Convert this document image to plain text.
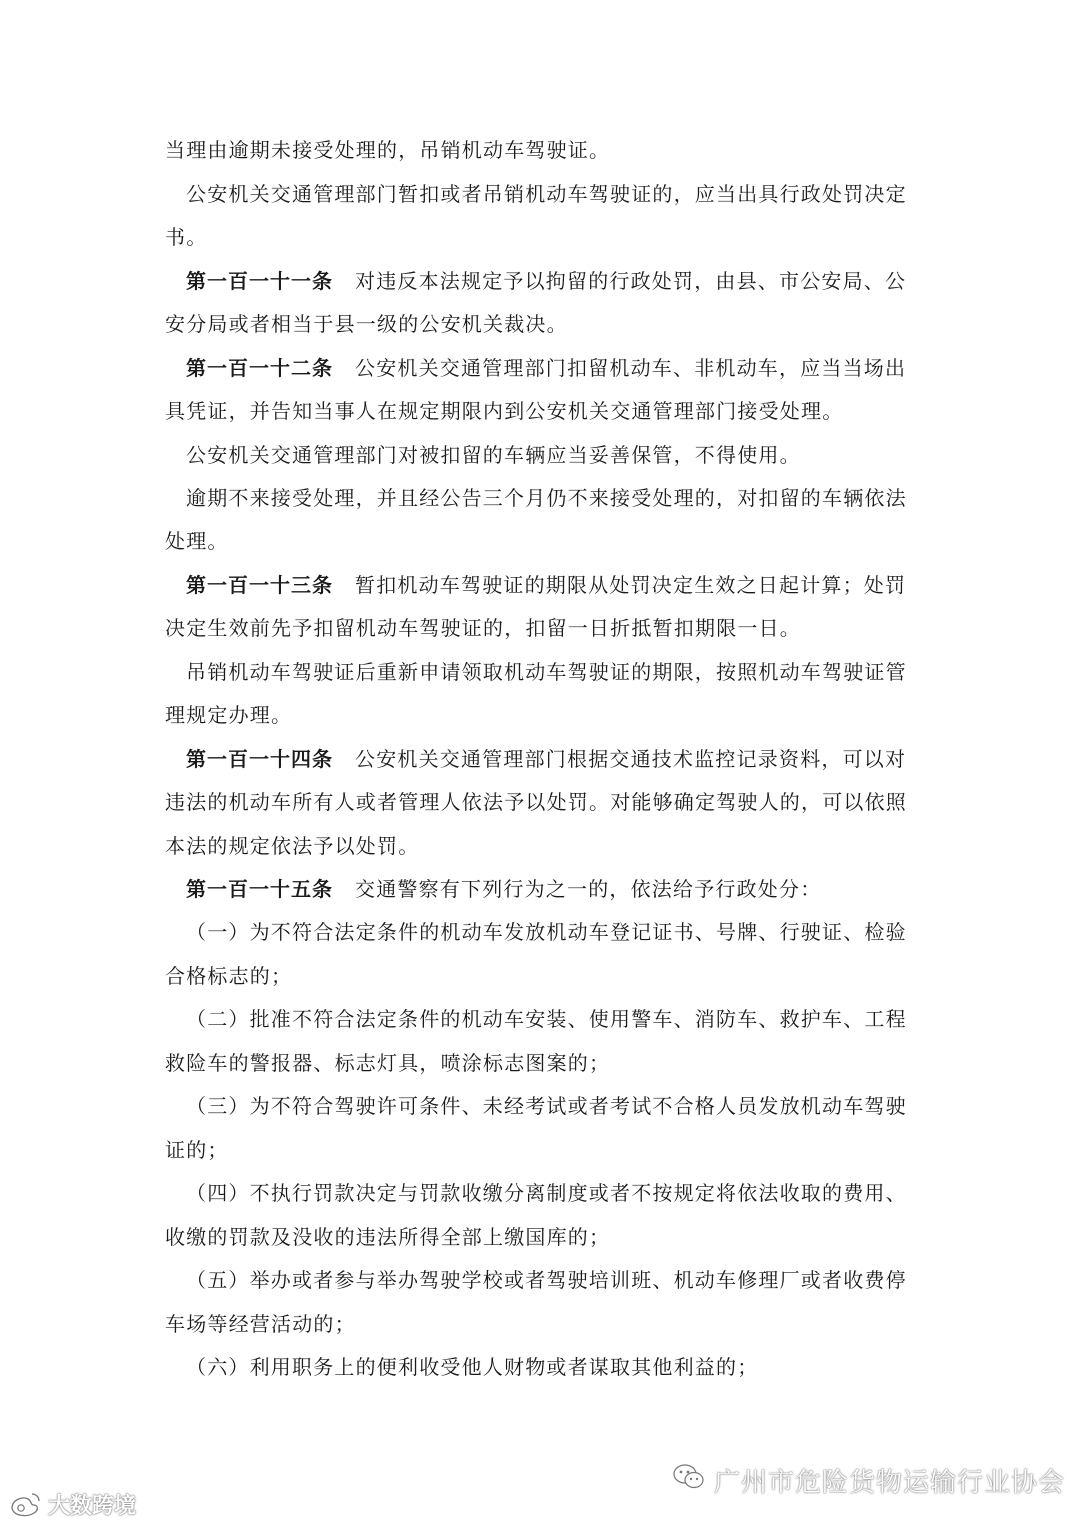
当理由逾期未接受处理的，吊销机动车驾驶证。
公安机关交通管理部门暂扣或者吊销机动车驾驶证的，应当出具行政处罚决定
书。
第一百一十一条 对违反本法规定予以拘留的行政处罚，由县、市公安局、公
安分局或者相当于县一级的公安机关裁决。
第一百一十二条 公安机关交通管理部门扣留机动车、非机动车，应当当场出
具凭证，并告知当事人在规定期限内到公安机关交通管理部门接受处理。
公安机关交通管理部门对被扣留的车辆应当妥善保管，不得使用。
逾期不来接受处理，并且经公告三个月仍不来接受处理的，对扣留的车辆依法
处理。
第一百一十三条 暂扣机动车驾驶证的期限从处罚决定生效之日起计算；处罚
决定生效前先予扣留机动车驾驶证的，扣留一日折抵暂扣期限一日。
吊销机动车驾驶证后重新申请领取机动车驾驶证的期限，按照机动车驾驶证管
理规定办理。
第一百一十四条 公安机关交通管理部门根据交通技术监控记录资料，可以对
违法的机动车所有人或者管理人依法予以处罚。对能够确定驾驶人的，可以依照
本法的规定依法予以处罚。
第一百一十五条 交通警察有下列行为之一的，依法给予行政处分：
（一）为不符合法定条件的机动车发放机动车登记证书、号牌、行驶证、检验
合格标志的；
（二）批准不符合法定条件的机动车安装、使用警车、消防车、救护车、工程
救险车的警报器、标志灯具，喷涂标志图案的；
（三）为不符合驾驶许可条件、未经考试或者考试不合格人员发放机动车驾驶
证的；
（四）不执行罚款决定与罚款收缴分离制度或者不按规定将依法收取的费用、
收缴的罚款及没收的违法所得全部上缴国库的；
（五）举办或者参与举办驾驶学校或者驾驶培训班、机动车修理厂或者收费停
车场等经营活动的；
（六）利用职务上的便利收受他人财物或者谋取其他利益的；
广州市危险货物运输行业协会
大数跨境
